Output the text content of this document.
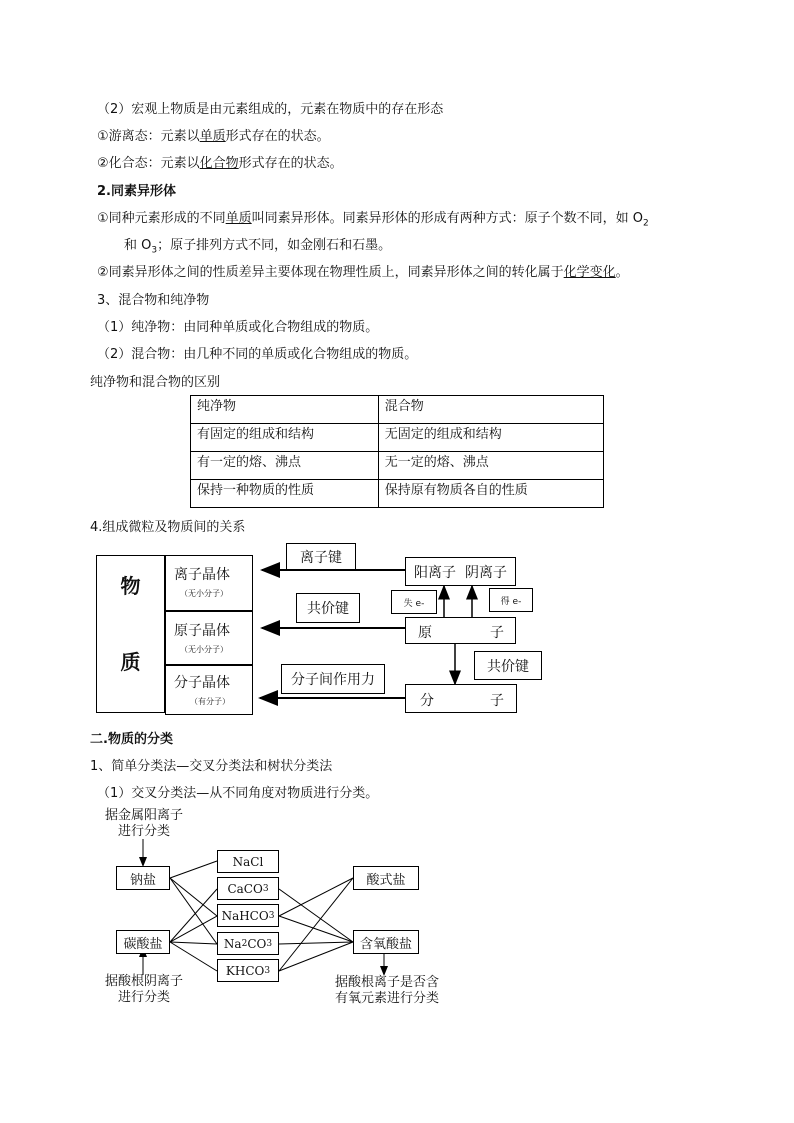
（2）宏观上物质是由元素组成的，元素在物质中的存在形态
①游离态：元素以单质形式存在的状态。
②化合态：元素以化合物形式存在的状态。
2.同素异形体
①同种元素形成的不同单质叫同素异形体。同素异形体的形成有两种方式：原子个数不同，如 $O_2$
和 $O_3$；原子排列方式不同，如金刚石和石墨。
②同素异形体之间的性质差异主要体现在物理性质上，同素异形体之间的转化属于化学变化。
3、混合物和纯净物
（1）纯净物：由同种单质或化合物组成的物质。
（2）混合物：由几种不同的单质或化合物组成的物质。
纯净物和混合物的区别
纯净物	混合物
有固定的组成和结构	无固定的组成和结构
有一定的熔、沸点	无一定的熔、沸点
保持一种物质的性质	保持原有物质各自的性质
4.组成微粒及物质间的关系
物
质
离子晶体
（无小分子）
原子晶体
（无小分子）
分子晶体
（有分子）
离子键
共价键
分子间作用力
阳离子  阴离子
失 e-	得 e-
原	子
共价键
分	子
二.物质的分类
1、简单分类法—交叉分类法和树状分类法
（1）交叉分类法—从不同角度对物质进行分类。
据金属阳离子
进行分类
钠盐
碳酸盐
据酸根阴离子
进行分类
NaCl
CaCO 3
NaHCO 3
Na 2 CO 3
KHCO 3
酸式盐
含氧酸盐
据酸根离子是否含
有氧元素进行分类
